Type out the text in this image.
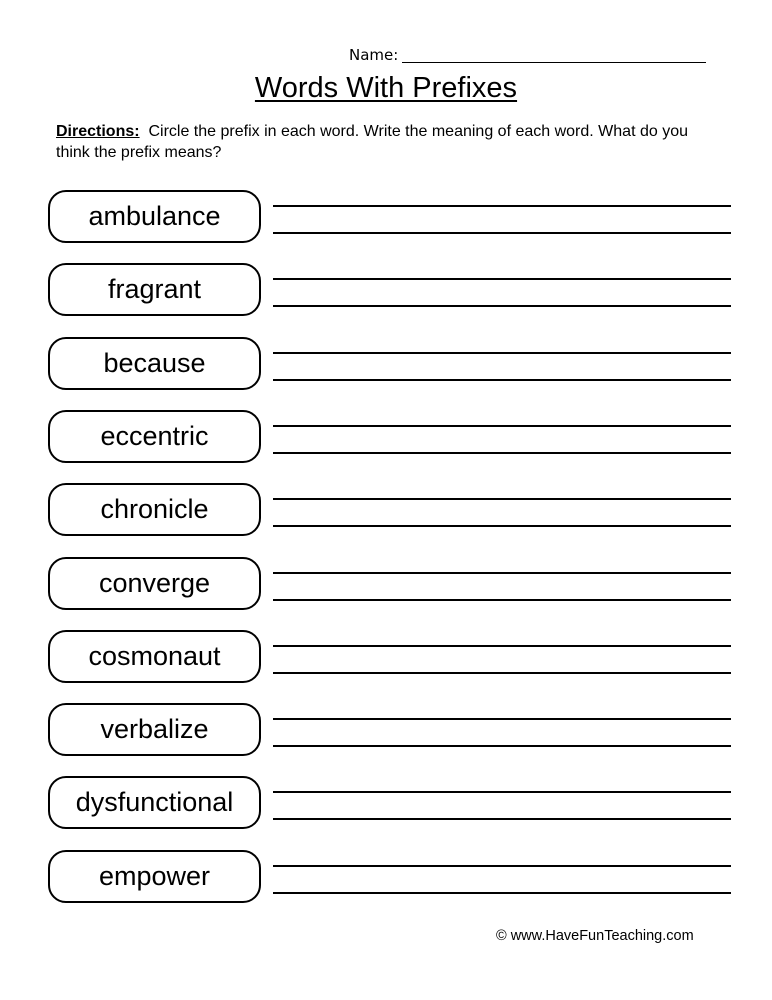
Name:
Words With Prefixes
Directions: Circle the prefix in each word. Write the meaning of each word. What do you think the prefix means?
ambulance
fragrant
because
eccentric
chronicle
converge
cosmonaut
verbalize
dysfunctional
empower
© www.HaveFunTeaching.com
